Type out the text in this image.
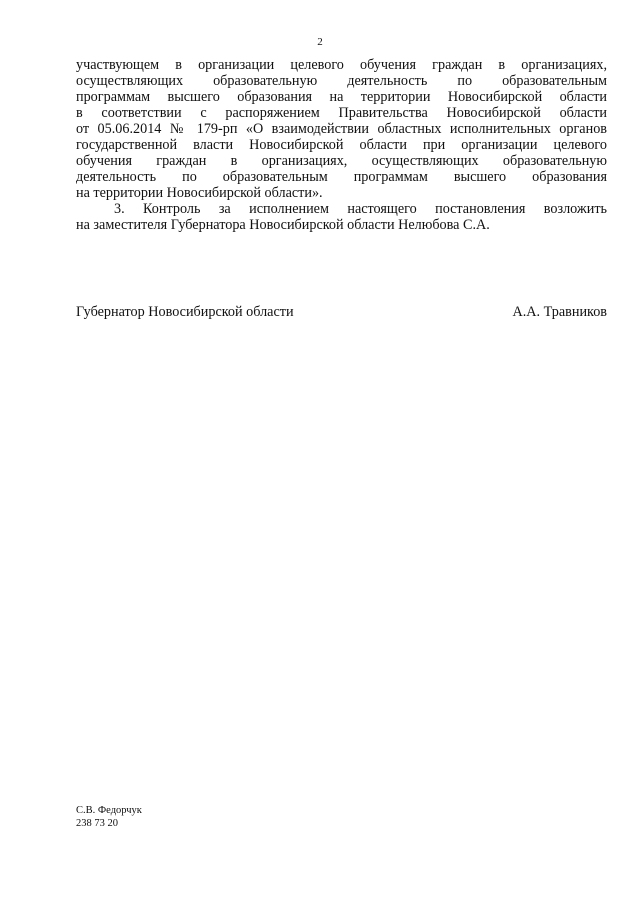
2
участвующем в организации целевого обучения граждан в организациях,
осуществляющих образовательную деятельность по образовательным
программам высшего образования на территории Новосибирской области
в соответствии с распоряжением Правительства Новосибирской области
от 05.06.2014 № 179-рп «О взаимодействии областных исполнительных органов
государственной власти Новосибирской области при организации целевого
обучения граждан в организациях, осуществляющих образовательную
деятельность по образовательным программам высшего образования
на территории Новосибирской области».
3. Контроль за исполнением настоящего постановления возложить
на заместителя Губернатора Новосибирской области Нелюбова С.А.
Губернатор Новосибирской области	А.А. Травников
С.В. Федорчук
238 73 20
